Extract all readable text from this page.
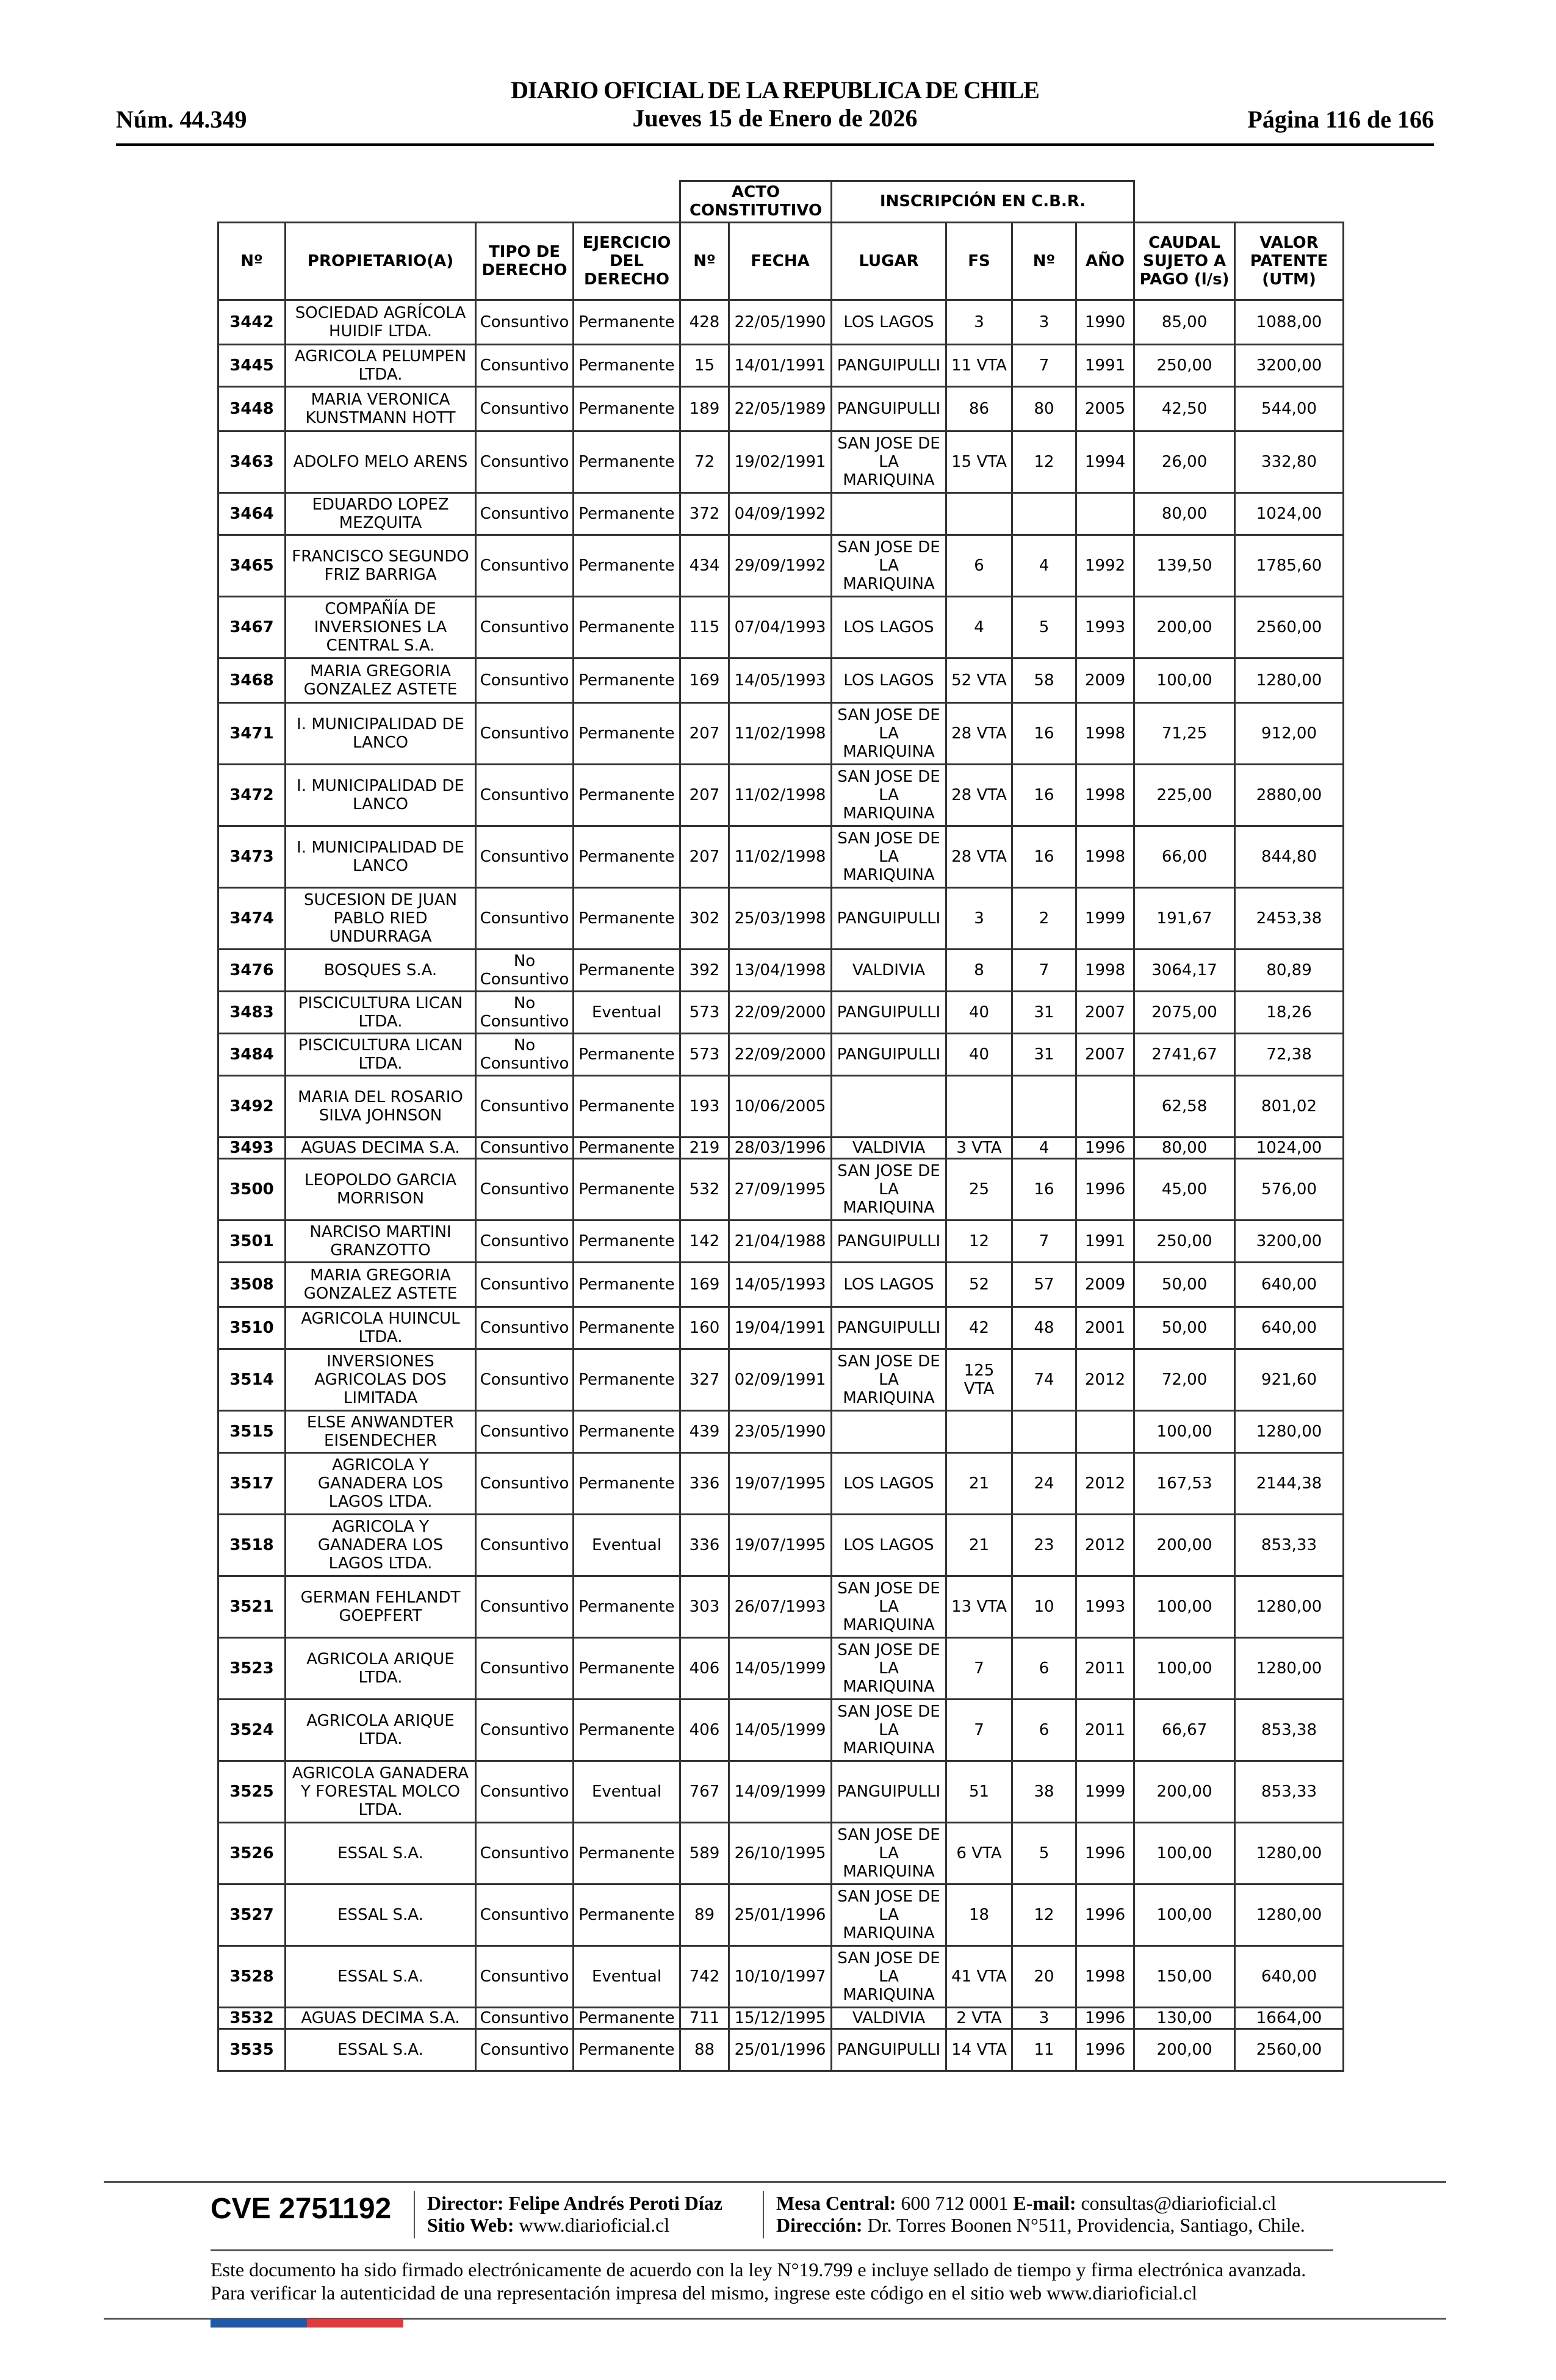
Núm. 44.349
DIARIO OFICIAL DE LA REPUBLICA DE CHILE
Jueves 15 de Enero de 2026	Página 116 de 166
				ACTO CONSTITUTIVO		INSCRIPCIÓN EN C.B.R.					
Nº	PROPIETARIO(A)	TIPO DE DERECHO	EJERCICIO DEL DERECHO	Nº	FECHA	LUGAR	FS	Nº	AÑO	CAUDAL SUJETO A PAGO (l/s)	VALOR PATENTE (UTM)
3442	SOCIEDAD AGRÍCOLA HUIDIF LTDA.	Consuntivo	Permanente	428	22/05/1990	LOS LAGOS	3	3	1990	85,00	1088,00
3445	AGRICOLA PELUMPEN LTDA.	Consuntivo	Permanente	15	14/01/1991	PANGUIPULLI	11 VTA	7	1991	250,00	3200,00
3448	MARIA VERONICA KUNSTMANN HOTT	Consuntivo	Permanente	189	22/05/1989	PANGUIPULLI	86	80	2005	42,50	544,00
3463	ADOLFO MELO ARENS	Consuntivo	Permanente	72	19/02/1991	SAN JOSE DE LA MARIQUINA	15 VTA	12	1994	26,00	332,80
3464	EDUARDO LOPEZ MEZQUITA	Consuntivo	Permanente	372	04/09/1992					80,00	1024,00
3465	FRANCISCO SEGUNDO FRIZ BARRIGA	Consuntivo	Permanente	434	29/09/1992	SAN JOSE DE LA MARIQUINA	6	4	1992	139,50	1785,60
3467	COMPAÑÍA DE INVERSIONES LA CENTRAL S.A.	Consuntivo	Permanente	115	07/04/1993	LOS LAGOS	4	5	1993	200,00	2560,00
3468	MARIA GREGORIA GONZALEZ ASTETE	Consuntivo	Permanente	169	14/05/1993	LOS LAGOS	52 VTA	58	2009	100,00	1280,00
3471	I. MUNICIPALIDAD DE LANCO	Consuntivo	Permanente	207	11/02/1998	SAN JOSE DE LA MARIQUINA	28 VTA	16	1998	71,25	912,00
3472	I. MUNICIPALIDAD DE LANCO	Consuntivo	Permanente	207	11/02/1998	SAN JOSE DE LA MARIQUINA	28 VTA	16	1998	225,00	2880,00
3473	I. MUNICIPALIDAD DE LANCO	Consuntivo	Permanente	207	11/02/1998	SAN JOSE DE LA MARIQUINA	28 VTA	16	1998	66,00	844,80
3474	SUCESION DE JUAN PABLO RIED UNDURRAGA	Consuntivo	Permanente	302	25/03/1998	PANGUIPULLI	3	2	1999	191,67	2453,38
3476	BOSQUES S.A.	No Consuntivo	Permanente	392	13/04/1998	VALDIVIA	8	7	1998	3064,17	80,89
3483	PISCICULTURA LICAN LTDA.	No Consuntivo	Eventual	573	22/09/2000	PANGUIPULLI	40	31	2007	2075,00	18,26
3484	PISCICULTURA LICAN LTDA.	No Consuntivo	Permanente	573	22/09/2000	PANGUIPULLI	40	31	2007	2741,67	72,38
3492	MARIA DEL ROSARIO SILVA JOHNSON	Consuntivo	Permanente	193	10/06/2005					62,58	801,02
3493	AGUAS DECIMA S.A.	Consuntivo	Permanente	219	28/03/1996	VALDIVIA	3 VTA	4	1996	80,00	1024,00
3500	LEOPOLDO GARCIA MORRISON	Consuntivo	Permanente	532	27/09/1995	SAN JOSE DE LA MARIQUINA	25	16	1996	45,00	576,00
3501	NARCISO MARTINI GRANZOTTO	Consuntivo	Permanente	142	21/04/1988	PANGUIPULLI	12	7	1991	250,00	3200,00
3508	MARIA GREGORIA GONZALEZ ASTETE	Consuntivo	Permanente	169	14/05/1993	LOS LAGOS	52	57	2009	50,00	640,00
3510	AGRICOLA HUINCUL LTDA.	Consuntivo	Permanente	160	19/04/1991	PANGUIPULLI	42	48	2001	50,00	640,00
3514	INVERSIONES AGRICOLAS DOS LIMITADA	Consuntivo	Permanente	327	02/09/1991	SAN JOSE DE LA MARIQUINA	125 VTA	74	2012	72,00	921,60
3515	ELSE ANWANDTER EISENDECHER	Consuntivo	Permanente	439	23/05/1990					100,00	1280,00
3517	AGRICOLA Y GANADERA LOS LAGOS LTDA.	Consuntivo	Permanente	336	19/07/1995	LOS LAGOS	21	24	2012	167,53	2144,38
3518	AGRICOLA Y GANADERA LOS LAGOS LTDA.	Consuntivo	Eventual	336	19/07/1995	LOS LAGOS	21	23	2012	200,00	853,33
3521	GERMAN FEHLANDT GOEPFERT	Consuntivo	Permanente	303	26/07/1993	SAN JOSE DE LA MARIQUINA	13 VTA	10	1993	100,00	1280,00
3523	AGRICOLA ARIQUE LTDA.	Consuntivo	Permanente	406	14/05/1999	SAN JOSE DE LA MARIQUINA	7	6	2011	100,00	1280,00
3524	AGRICOLA ARIQUE LTDA.	Consuntivo	Permanente	406	14/05/1999	SAN JOSE DE LA MARIQUINA	7	6	2011	66,67	853,38
3525	AGRICOLA GANADERA Y FORESTAL MOLCO LTDA.	Consuntivo	Eventual	767	14/09/1999	PANGUIPULLI	51	38	1999	200,00	853,33
3526	ESSAL S.A.	Consuntivo	Permanente	589	26/10/1995	SAN JOSE DE LA MARIQUINA	6 VTA	5	1996	100,00	1280,00
3527	ESSAL S.A.	Consuntivo	Permanente	89	25/01/1996	SAN JOSE DE LA MARIQUINA	18	12	1996	100,00	1280,00
3528	ESSAL S.A.	Consuntivo	Eventual	742	10/10/1997	SAN JOSE DE LA MARIQUINA	41 VTA	20	1998	150,00	640,00
3532	AGUAS DECIMA S.A.	Consuntivo	Permanente	711	15/12/1995	VALDIVIA	2 VTA	3	1996	130,00	1664,00
3535	ESSAL S.A.	Consuntivo	Permanente	88	25/01/1996	PANGUIPULLI	14 VTA	11	1996	200,00	2560,00
CVE 2751192 Director: Felipe Andrés Peroti Díaz
Sitio Web: www.diarioficial.cl
Mesa Central: 600 712 0001 E-mail: consultas@diarioficial.cl
Dirección: Dr. Torres Boonen N°511, Providencia, Santiago, Chile.
Este documento ha sido firmado electrónicamente de acuerdo con la ley N°19.799 e incluye sellado de tiempo y firma electrónica avanzada. Para verificar la autenticidad de una representación impresa del mismo, ingrese este código en el sitio web www.diarioficial.cl
